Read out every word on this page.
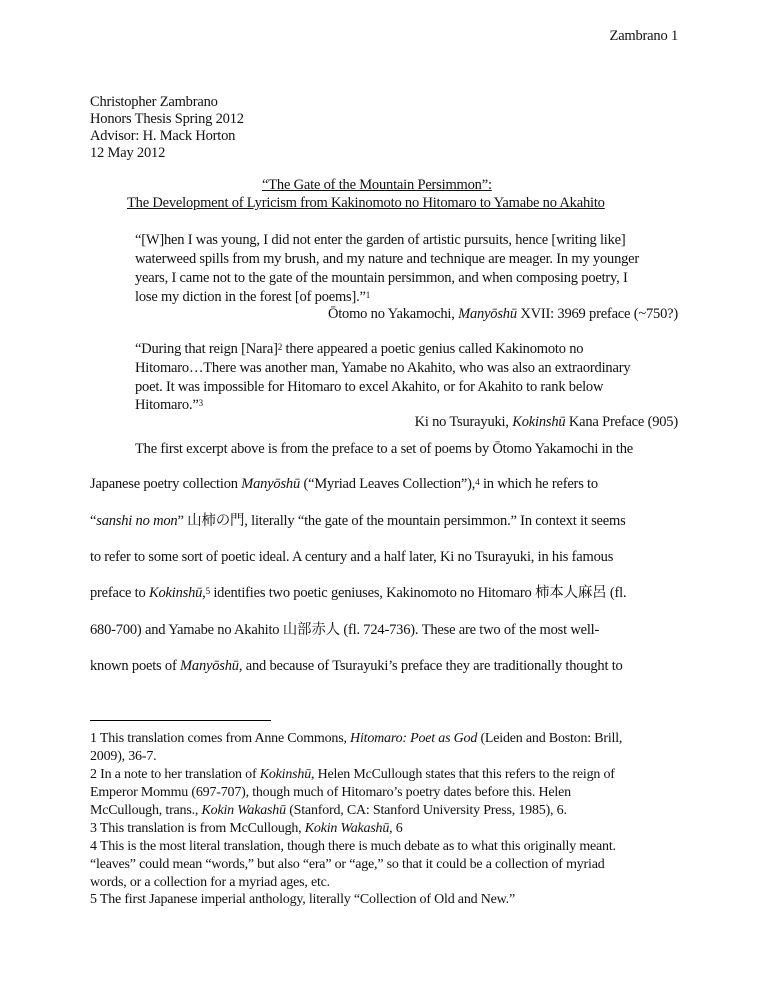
Zambrano 1
Christopher Zambrano
Honors Thesis Spring 2012
Advisor: H. Mack Horton
12 May 2012
“The Gate of the Mountain Persimmon”:
The Development of Lyricism from Kakinomoto no Hitomaro to Yamabe no Akahito
“[W]hen I was young, I did not enter the garden of artistic pursuits, hence [writing like]
waterweed spills from my brush, and my nature and technique are meager. In my younger
years, I came not to the gate of the mountain persimmon, and when composing poetry, I
lose my diction in the forest [of poems].”$^1$
Ōtomo no Yakamochi, Manyōshū XVII: 3969 preface (~750?)
“During that reign [Nara]$^2$ there appeared a poetic genius called Kakinomoto no
Hitomaro…There was another man, Yamabe no Akahito, who was also an extraordinary
poet. It was impossible for Hitomaro to excel Akahito, or for Akahito to rank below
Hitomaro.”$^3$
Ki no Tsurayuki, Kokinshū Kana Preface (905)
The first excerpt above is from the preface to a set of poems by Ōtomo Yakamochi in the
Japanese poetry collection Manyōshū (“Myriad Leaves Collection”),$^4$ in which he refers to
“sanshi no mon” 山柿の門, literally “the gate of the mountain persimmon.” In context it seems
to refer to some sort of poetic ideal. A century and a half later, Ki no Tsurayuki, in his famous
preface to Kokinshū,$^5$ identifies two poetic geniuses, Kakinomoto no Hitomaro 柿本人麻呂 (fl.
680-700) and Yamabe no Akahito 山部赤人 (fl. 724-736). These are two of the most well-
known poets of Manyōshū, and because of Tsurayuki’s preface they are traditionally thought to
1 This translation comes from Anne Commons, Hitomaro: Poet as God (Leiden and Boston: Brill,
2009), 36-7.
2 In a note to her translation of Kokinshū, Helen McCullough states that this refers to the reign of
Emperor Mommu (697-707), though much of Hitomaro’s poetry dates before this. Helen
McCullough, trans., Kokin Wakashū (Stanford, CA: Stanford University Press, 1985), 6.
3 This translation is from McCullough, Kokin Wakashū, 6
4 This is the most literal translation, though there is much debate as to what this originally meant.
“leaves” could mean “words,” but also “era” or “age,” so that it could be a collection of myriad
words, or a collection for a myriad ages, etc.
5 The first Japanese imperial anthology, literally “Collection of Old and New.”
